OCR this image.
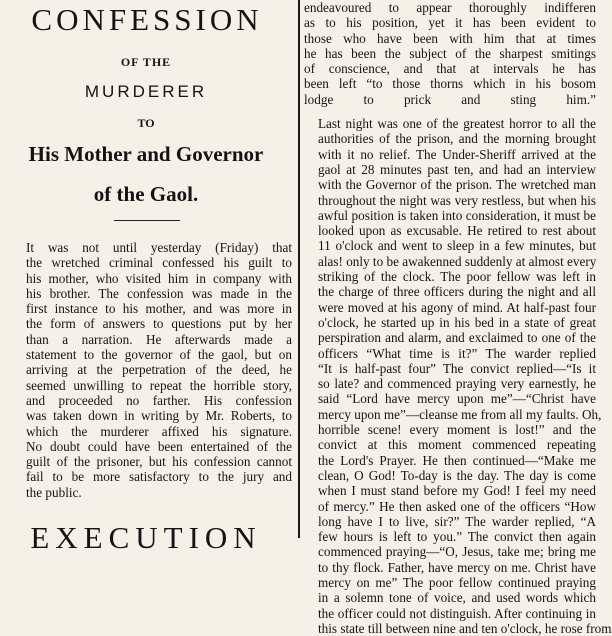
CONFESSION
OF THE
MURDERER
TO
His Mother and Governor
of the Gaol.
It was not until yesterday (Friday) that
the wretched criminal confessed his guilt to
his mother, who visited him in company with
his brother. The confession was made in the
first instance to his mother, and was more in
the form of answers to questions put by her
than a narration. He afterwards made a
statement to the governor of the gaol, but on
arriving at the perpetration of the deed, he
seemed unwilling to repeat the horrible story,
and proceeded no farther. His confession
was taken down in writing by Mr. Roberts, to
which the murderer affixed his signature.
No doubt could have been entertained of the
guilt of the prisoner, but his confession cannot
fail to be more satisfactory to the jury and
the public.
EXECUTION
endeavoured to appear thoroughly indifferen
as to his position, yet it has been evident to
those who have been with him that at times
he has been the subject of the sharpest smitings
of conscience, and that at intervals he has
been left “to those thorns which in his bosom
lodge to prick and sting him.”
Last night was one of the greatest horror to all the
authorities of the prison, and the morning brought
with it no relief. The Under-Sheriff arrived at the
gaol at 28 minutes past ten, and had an interview
with the Governor of the prison. The wretched man
throughout the night was very restless, but when his
awful position is taken into consideration, it must be
looked upon as excusable. He retired to rest about
11 o'clock and went to sleep in a few minutes, but
alas! only to be awakenned suddenly at almost every
striking of the clock. The poor fellow was left in
the charge of three officers during the night and all
were moved at his agony of mind. At half-past four
o'clock, he started up in his bed in a state of great
perspiration and alarm, and exclaimed to one of the
officers “What time is it?” The warder replied
“It is half-past four” The convict replied—“Is it
so late? and commenced praying very earnestly, he
said “Lord have mercy upon me”—“Christ have
mercy upon me”—cleanse me from all my faults. Oh,
horrible scene! every moment is lost!” and the
convict at this moment commenced repeating
the Lord's Prayer. He then continued—“Make me
clean, O God! To-day is the day. The day is come
when I must stand before my God! I feel my need
of mercy.” He then asked one of the officers “How
long have I to live, sir?” The warder replied, “A
few hours is left to you.” The convict then again
commenced praying—“O, Jesus, take me; bring me
to thy flock. Father, have mercy on me. Christ have
mercy on me” The poor fellow continued praying
in a solemn tone of voice, and used words which
the officer could not distinguish. After continuing in
this state till between nine and ten o'clock, he rose from
